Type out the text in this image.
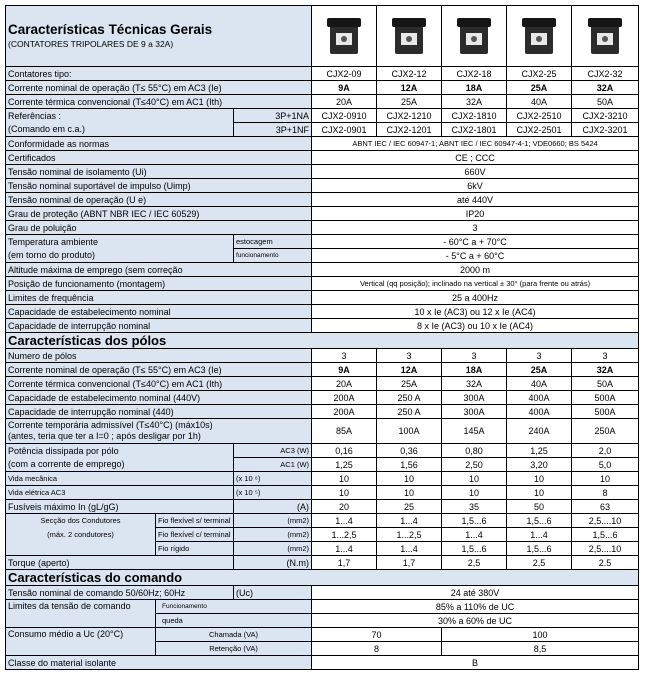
Características Técnicas Gerais
(CONTATORES TRIPOLARES DE 9 a 32A)							

Contatores tipo:			CJX2-09	CJX2-12	CJX2-18	CJX2-25	CJX2-32
Corrente nominal de operação (T≤ 55°C) em AC3 (Ie)			9A	12A	18A	25A	32A
Corrente térmica convencional (T≤40°C) em AC1 (Ith)			20A	25A	32A	40A	50A
Referências :		3P+1NA	CJX2-0910	CJX2-1210	CJX2-1810	CJX2-2510	CJX2-3210
(Comando em c.a.)		3P+1NF	CJX2-0901	CJX2-1201	CJX2-1801	CJX2-2501	CJX2-3201
Conformidade as normas			ABNT IEC / IEC 60947-1; ABNT IEC / IEC 60947-4-1; VDE0660; BS 5424				
Certificados			CE ; CCC				
Tensão nominal de isolamento (Ui)			660V				
Tensão nominal suportável de impulso (Uimp)			6kV				
Tensão nominal de operação (U e)			até 440V				
Grau de proteção (ABNT NBR IEC / IEC 60529)			IP20				
Grau de poluição			3				
Temperatura ambiente		estocagem	- 60°C a + 70°C				
(em torno do produto)		funcionamento	- 5°C a + 60°C				
Altitude máxima de emprego (sem correção			2000 m				
Posição de funcionamento (montagem)			Vertical (qq posição); inclinado na vertical ± 30° (para frente ou atrás)				
Limites de frequência			25 a 400Hz				
Capacidade de estabelecimento nominal			10 x Ie (AC3) ou 12 x Ie (AC4)				
Capacidade de interrupção nominal			8 x Ie (AC3) ou 10 x Ie (AC4)				
Características dos pólos							
Numero de pólos			3	3	3	3	3
Corrente nominal de operação (T≤ 55°C) em AC3 (Ie)			9A	12A	18A	25A	32A
Corrente térmica convencional (T≤40°C) em AC1 (Ith)			20A	25A	32A	40A	50A
Capacidade de estabelecimento nominal (440V)			200A	250 A	300A	400A	500A
Capacidade de interrupção nominal (440)			200A	250 A	300A	400A	500A

Corrente temporária admissível (T≤40°C) (máx10s)
(antes, teria que ter a I=0 ; após desligar por 1h)			85A	100A	145A	240A	250A
Potência dissipada por pólo		AC3 (W)	0,16	0,36	0,80	1,25	2,0
(com a corrente de emprego)		AC1 (W)	1,25	1,56	2,50	3,20	5,0
Vida mecânica		(x 10 ⁶)	10	10	10	10	10
Vida elétrica AC3		(x 10 ⁵)	10	10	10	10	8
Fusíveis máximo In (gL/gG)		(A)	20	25	35	50	63

Secção dos Condutores
(máx. 2 condutores)	Fio flexível s/ terminal	(mm2)	1...4	1...4	1,5...6	1,5...6	2,5....10
	Fio flexível c/ terminal	(mm2)	1...2,5	1...2,5	1...4	1...4	1,5...6
	Fio rígido	(mm2)	1...4	1...4	1,5...6	1,5...6	2,5....10
Torque (aperto)		(N.m)	1,7	1,7	2,5	2,5	2.5
Características do comando							
Tensão nominal de comando 50/60Hz; 60Hz		(Uc)	24 até 380V				
Limites da tensão de comando	Funcionamento		85% a 110% de UC				
	queda		30% a 60% de UC				
Consumo médio a Uc (20°C)	Chamada (VA)		70		100		
	Retenção (VA)		8		8,5		
Classe do material isolante			B				
